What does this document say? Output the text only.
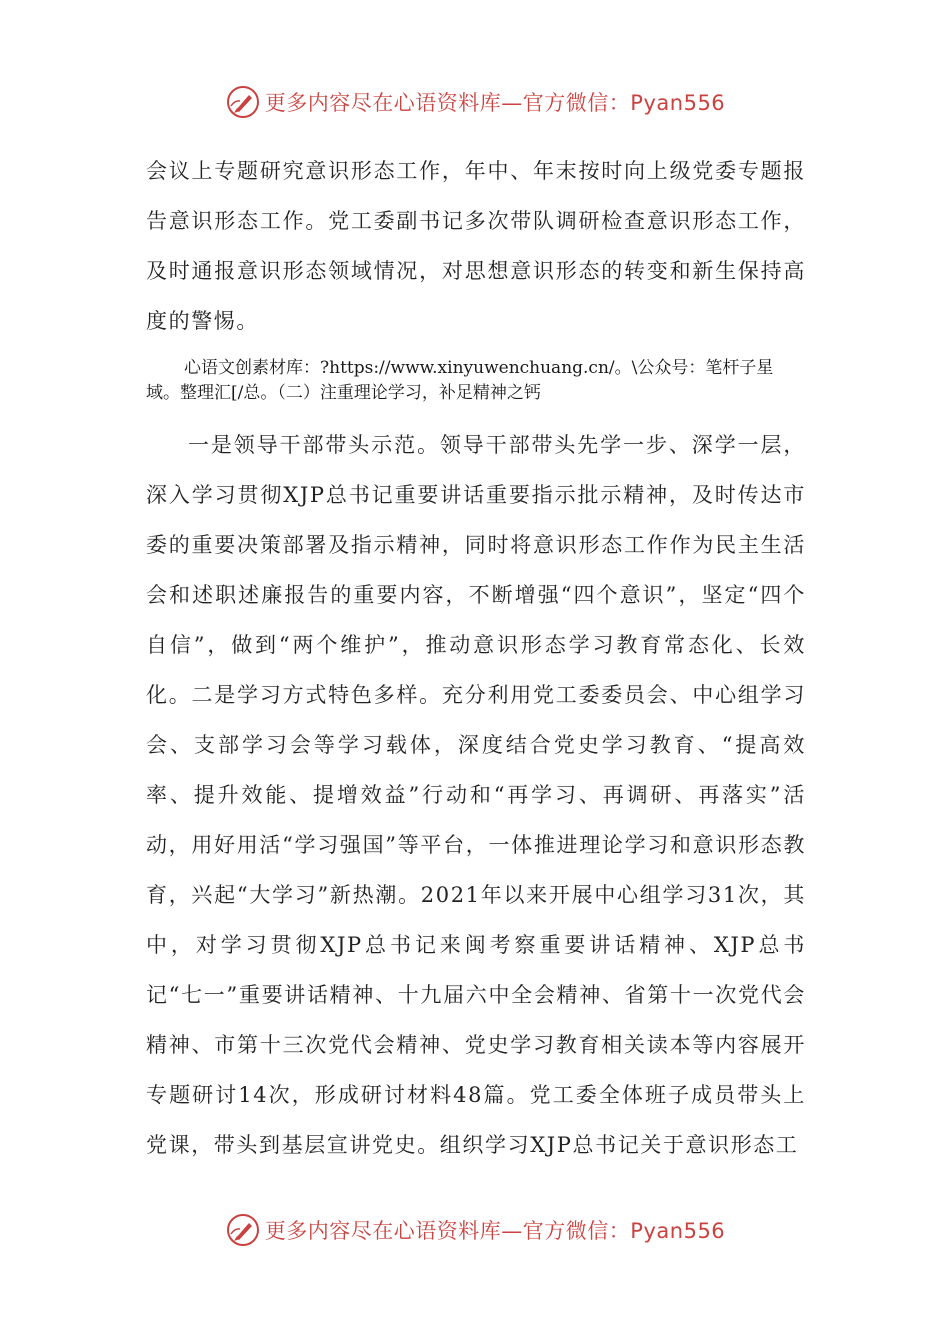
更多内容尽在心语资料库—官方微信：Pyan556

会议上专题研究意识形态工作，年中、年末按时向上级党委专题报告意识形态工作。党工委副书记多次带队调研检查意识形态工作，及时通报意识形态领域情况，对思想意识形态的转变和新生保持高度的警惕。

心语文创素材库：?https://www.xinyuwenchuang.cn/。\公众号：笔杆子星域。整理汇[/总。（二）注重理论学习，补足精神之钙

一是领导干部带头示范。领导干部带头先学一步、深学一层，深入学习贯彻XJP总书记重要讲话重要指示批示精神，及时传达市委的重要决策部署及指示精神，同时将意识形态工作作为民主生活会和述职述廉报告的重要内容，不断增强“四个意识”，坚定“四个自信”，做到“两个维护”，推动意识形态学习教育常态化、长效化。二是学习方式特色多样。充分利用党工委委员会、中心组学习会、支部学习会等学习载体，深度结合党史学习教育、“提高效率、提升效能、提增效益”行动和“再学习、再调研、再落实”活动，用好用活“学习强国”等平台，一体推进理论学习和意识形态教育，兴起“大学习”新热潮。2021年以来开展中心组学习31次，其中，对学习贯彻XJP总书记来闽考察重要讲话精神、XJP总书记“七一”重要讲话精神、十九届六中全会精神、省第十一次党代会精神、市第十三次党代会精神、党史学习教育相关读本等内容展开专题研讨14次，形成研讨材料48篇。党工委全体班子成员带头上党课，带头到基层宣讲党史。组织学习XJP总书记关于意识形态工

更多内容尽在心语资料库—官方微信：Pyan556
